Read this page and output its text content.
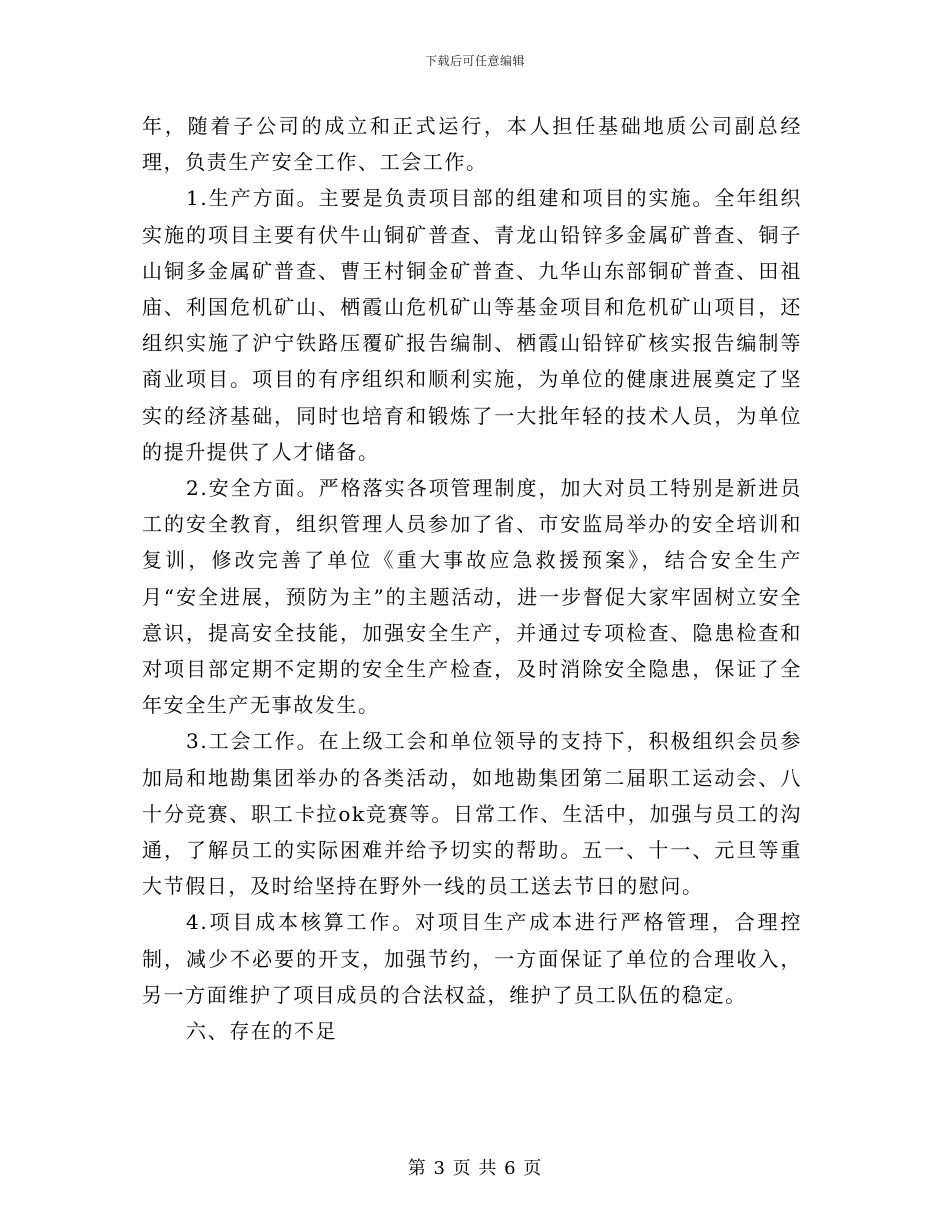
下载后可任意编辑

年，随着子公司的成立和正式运行，本人担任基础地质公司副总经理，负责生产安全工作、工会工作。

1.生产方面。主要是负责项目部的组建和项目的实施。全年组织实施的项目主要有伏牛山铜矿普查、青龙山铅锌多金属矿普查、铜子山铜多金属矿普查、曹王村铜金矿普查、九华山东部铜矿普查、田祖庙、利国危机矿山、栖霞山危机矿山等基金项目和危机矿山项目，还组织实施了沪宁铁路压覆矿报告编制、栖霞山铅锌矿核实报告编制等商业项目。项目的有序组织和顺利实施，为单位的健康进展奠定了坚实的经济基础，同时也培育和锻炼了一大批年轻的技术人员，为单位的提升提供了人才储备。

2.安全方面。严格落实各项管理制度，加大对员工特别是新进员工的安全教育，组织管理人员参加了省、市安监局举办的安全培训和复训，修改完善了单位《重大事故应急救援预案》，结合安全生产月“安全进展，预防为主”的主题活动，进一步督促大家牢固树立安全意识，提高安全技能，加强安全生产，并通过专项检查、隐患检查和对项目部定期不定期的安全生产检查，及时消除安全隐患，保证了全年安全生产无事故发生。

3.工会工作。在上级工会和单位领导的支持下，积极组织会员参加局和地勘集团举办的各类活动，如地勘集团第二届职工运动会、八十分竞赛、职工卡拉ok竞赛等。日常工作、生活中，加强与员工的沟通，了解员工的实际困难并给予切实的帮助。五一、十一、元旦等重大节假日，及时给坚持在野外一线的员工送去节日的慰问。

4.项目成本核算工作。对项目生产成本进行严格管理，合理控制，减少不必要的开支，加强节约，一方面保证了单位的合理收入，另一方面维护了项目成员的合法权益，维护了员工队伍的稳定。

六、存在的不足

第 3 页 共 6 页
